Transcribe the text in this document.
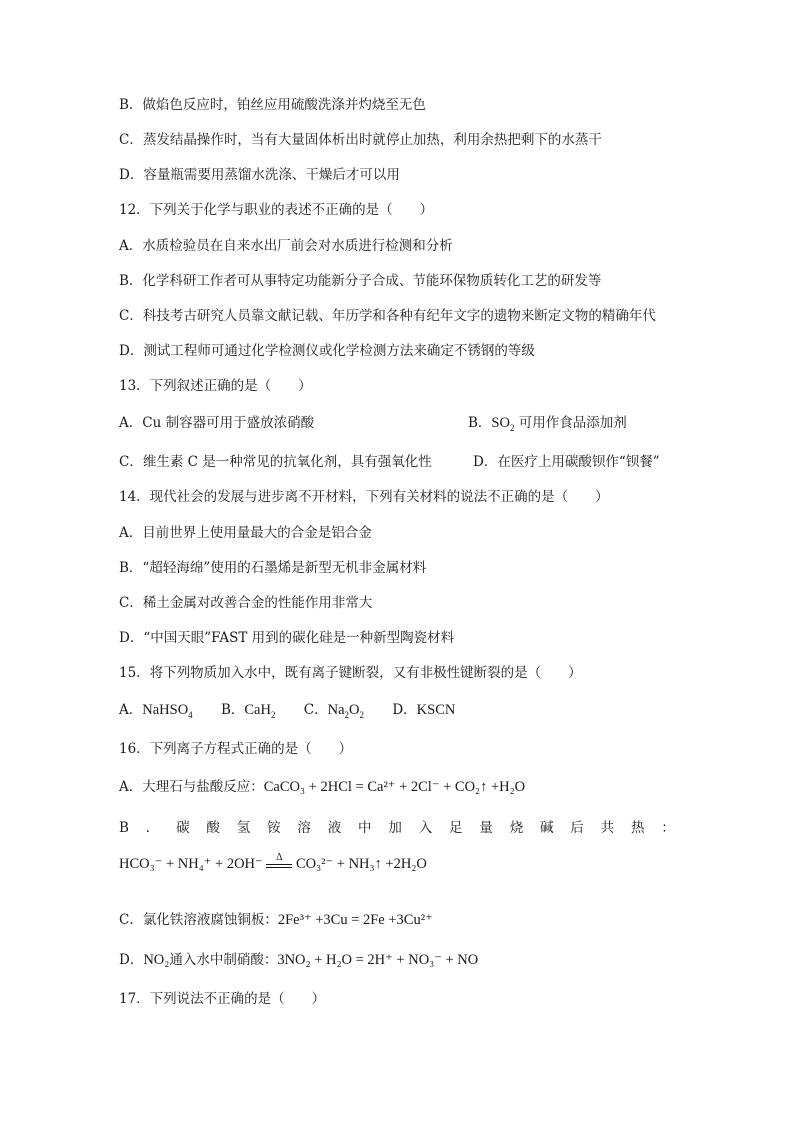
B．做焰色反应时，铂丝应用硫酸洗涤并灼烧至无色
C．蒸发结晶操作时，当有大量固体析出时就停止加热，利用余热把剩下的水蒸干
D．容量瓶需要用蒸馏水洗涤、干燥后才可以用
12．下列关于化学与职业的表述不正确的是（　　）
A．水质检验员在自来水出厂前会对水质进行检测和分析
B．化学科研工作者可从事特定功能新分子合成、节能环保物质转化工艺的研发等
C．科技考古研究人员靠文献记载、年历学和各种有纪年文字的遗物来断定文物的精确年代
D．测试工程师可通过化学检测仪或化学检测方法来确定不锈钢的等级
13．下列叙述正确的是（　　）
A．Cu 制容器可用于盛放浓硝酸	B．$SO_2$ 可用作食品添加剂
C．维生素 C 是一种常见的抗氧化剂，具有强氧化性	D．在医疗上用碳酸钡作“钡餐”
14．现代社会的发展与进步离不开材料，下列有关材料的说法不正确的是（　　）
A．目前世界上使用量最大的合金是铝合金
B．“超轻海绵”使用的石墨烯是新型无机非金属材料
C．稀土金属对改善合金的性能作用非常大
D．“中国天眼”FAST 用到的碳化硅是一种新型陶瓷材料
15．将下列物质加入水中，既有离子键断裂，又有非极性键断裂的是（　　）
A．NaHSO$_4$ B．CaH$_2$ C．$Na_2O_2$ D．KSCN
16．下列离子方程式正确的是（　　）
A．大理石与盐酸反应：CaCO₃ + 2HCl = Ca²⁺ + 2Cl⁻ + CO₂↑ +H₂O
B ． 碳 酸 氢 铵 溶 液 中 加 入 足 量 烧 碱 后 共 热 ：
HCO₃⁻ + NH₄⁺ + 2OH⁻	Δ CO₃²⁻ + NH₃↑ +2H₂O
C．氯化铁溶液腐蚀铜板：2Fe³⁺ +3Cu = 2Fe +3Cu²⁺
D．NO₂通入水中制硝酸：3NO₂ + H₂O = 2H⁺ + NO₃⁻ + NO
17．下列说法不正确的是（　　）
